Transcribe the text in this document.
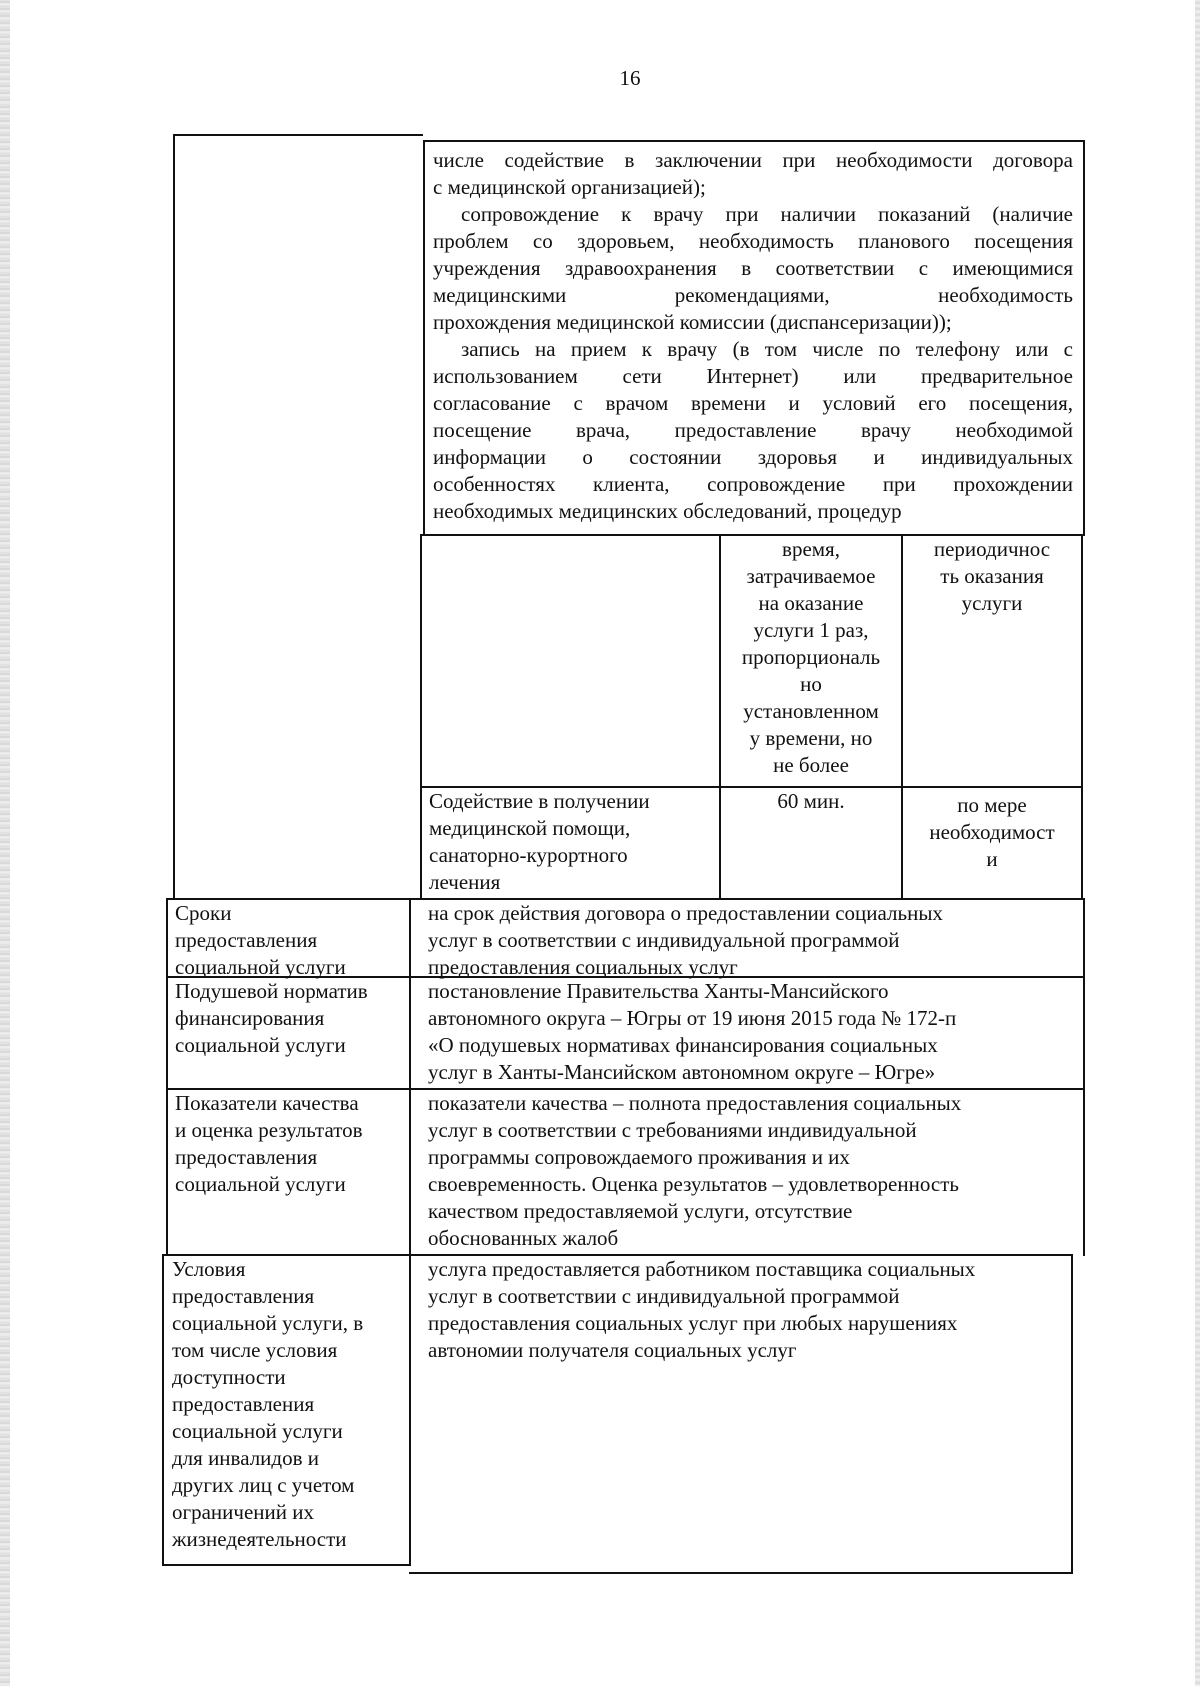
16
числе содействие в заключении при необходимости договора
с медицинской организацией);
сопровождение к врачу при наличии показаний (наличие
проблем со здоровьем, необходимость планового посещения
учреждения здравоохранения в соответствии с имеющимися
медицинскими рекомендациями, необходимость
прохождения медицинской комиссии (диспансеризации));
запись на прием к врачу (в том числе по телефону или с
использованием сети Интернет) или предварительное
согласование с врачом времени и условий его посещения,
посещение врача, предоставление врачу необходимой
информации о состоянии здоровья и индивидуальных
особенностях клиента, сопровождение при прохождении
необходимых медицинских обследований, процедур
время,
затрачиваемое
на оказание
услуги 1 раз,
пропорциональ
но
установленном
у времени, но
не более
периодичнос
ть оказания
услуги
Содействие в получении
медицинской помощи,
санаторно-курортного
лечения
60 мин.	по мере
необходимост
и
Сроки
предоставления
социальной услуги
на срок действия договора о предоставлении социальных
услуг в соответствии с индивидуальной программой
предоставления социальных услуг
Подушевой норматив
финансирования
социальной услуги
постановление Правительства Ханты-Мансийского
автономного округа – Югры от 19 июня 2015 года № 172-п
«О подушевых нормативах финансирования социальных
услуг в Ханты-Мансийском автономном округе – Югре»
Показатели качества
и оценка результатов
предоставления
социальной услуги
показатели качества – полнота предоставления социальных
услуг в соответствии с требованиями индивидуальной
программы сопровождаемого проживания и их
своевременность. Оценка результатов – удовлетворенность
качеством предоставляемой услуги, отсутствие
обоснованных жалоб
Условия
предоставления
социальной услуги, в
том числе условия
доступности
предоставления
социальной услуги
для инвалидов и
других лиц с учетом
ограничений их
жизнедеятельности
услуга предоставляется работником поставщика социальных
услуг в соответствии с индивидуальной программой
предоставления социальных услуг при любых нарушениях
автономии получателя социальных услуг
